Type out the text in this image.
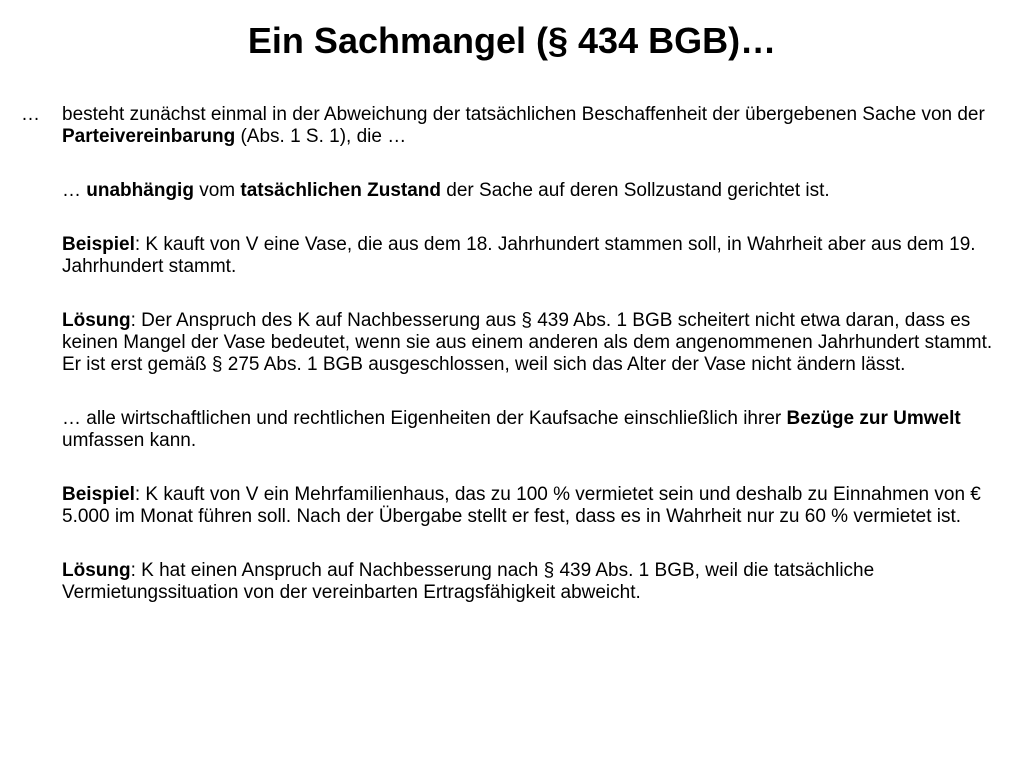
Ein Sachmangel (§ 434 BGB)…
… besteht zunächst einmal in der Abweichung der tatsächlichen Beschaffenheit der übergebenen Sache von der Parteivereinbarung (Abs. 1 S. 1), die …

… unabhängig vom tatsächlichen Zustand der Sache auf deren Sollzustand gerichtet ist.

Beispiel: K kauft von V eine Vase, die aus dem 18. Jahrhundert stammen soll, in Wahrheit aber aus dem 19. Jahrhundert stammt.

Lösung: Der Anspruch des K auf Nachbesserung aus § 439 Abs. 1 BGB scheitert nicht etwa daran, dass es keinen Mangel der Vase bedeutet, wenn sie aus einem anderen als dem angenommenen Jahrhundert stammt. Er ist erst gemäß § 275 Abs. 1 BGB ausgeschlossen, weil sich das Alter der Vase nicht ändern lässt.

… alle wirtschaftlichen und rechtlichen Eigenheiten der Kaufsache einschließlich ihrer Bezüge zur Umwelt umfassen kann.

Beispiel: K kauft von V ein Mehrfamilienhaus, das zu 100 % vermietet sein und deshalb zu Einnahmen von € 5.000 im Monat führen soll. Nach der Übergabe stellt er fest, dass es in Wahrheit nur zu 60 % vermietet ist.

Lösung: K hat einen Anspruch auf Nachbesserung nach § 439 Abs. 1 BGB, weil die tatsächliche Vermietungssituation von der vereinbarten Ertragsfähigkeit abweicht.
